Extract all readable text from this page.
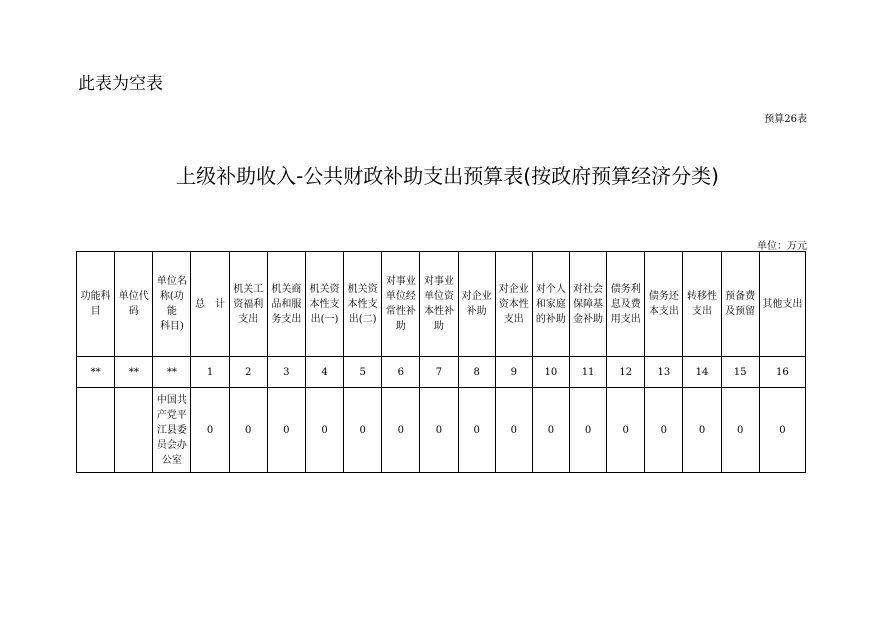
此表为空表
预算26表
上级补助收入-公共财政补助支出预算表(按政府预算经济分类)
单位：万元
功能科
目	单位代
码	单位名
称(功能
科目)	总　计	机关工
资福利
支出	机关商
品和服
务支出	机关资
本性支
出(一)	机关资
本性支
出(二)	对事业
单位经
常性补
助	对事业
单位资
本性补
助	对企业
补助	对企业
资本性
支出	对个人
和家庭
的补助	对社会
保障基
金补助	债务利
息及费
用支出	债务还
本支出	转移性
支出	预备费
及预留	其他支出
**	**	**	1	2	3	4	5	6	7	8	9	10	11	12	13	14	15	16
		中国共
产党平
江县委
员会办
公室	0	0	0	0	0	0	0	0	0	0	0	0	0	0	0	0
